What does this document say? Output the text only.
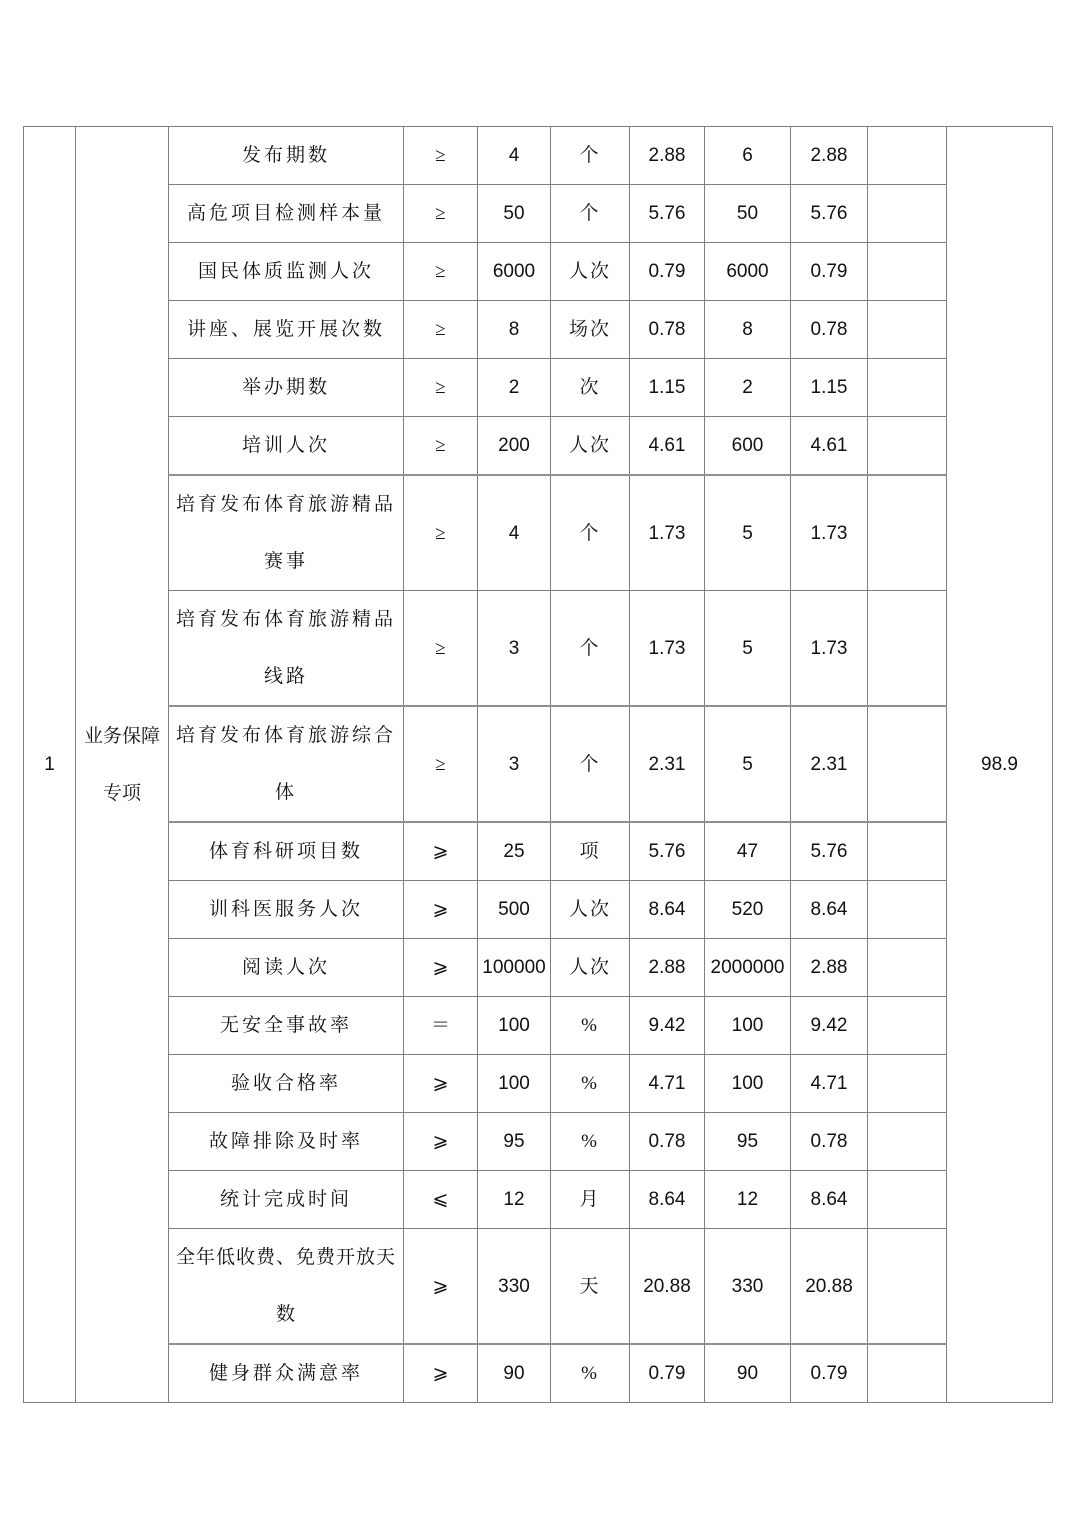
1	业务保障专项	发布期数	≥	4	个	2.88	6	2.88		98.9
		高危项目检测样本量	≥	50	个	5.76	50	5.76		
		国民体质监测人次	≥	6000	人次	0.79	6000	0.79		
		讲座、展览开展次数	≥	8	场次	0.78	8	0.78		
		举办期数	≥	2	次	1.15	2	1.15		
		培训人次	≥	200	人次	4.61	600	4.61		
		培育发布体育旅游精品赛事	≥	4	个	1.73	5	1.73		
		培育发布体育旅游精品线路	≥	3	个	1.73	5	1.73		
		培育发布体育旅游综合体	≥	3	个	2.31	5	2.31		
		体育科研项目数	⩾	25	项	5.76	47	5.76		
		训科医服务人次	⩾	500	人次	8.64	520	8.64		
		阅读人次	⩾	100000	人次	2.88	2000000	2.88		
		无安全事故率	＝	100	%	9.42	100	9.42		
		验收合格率	⩾	100	%	4.71	100	4.71		
		故障排除及时率	⩾	95	%	0.78	95	0.78		
		统计完成时间	⩽	12	月	8.64	12	8.64		
		全年低收费、免费开放天数	⩾	330	天	20.88	330	20.88		
		健身群众满意率	⩾	90	%	0.79	90	0.79		
